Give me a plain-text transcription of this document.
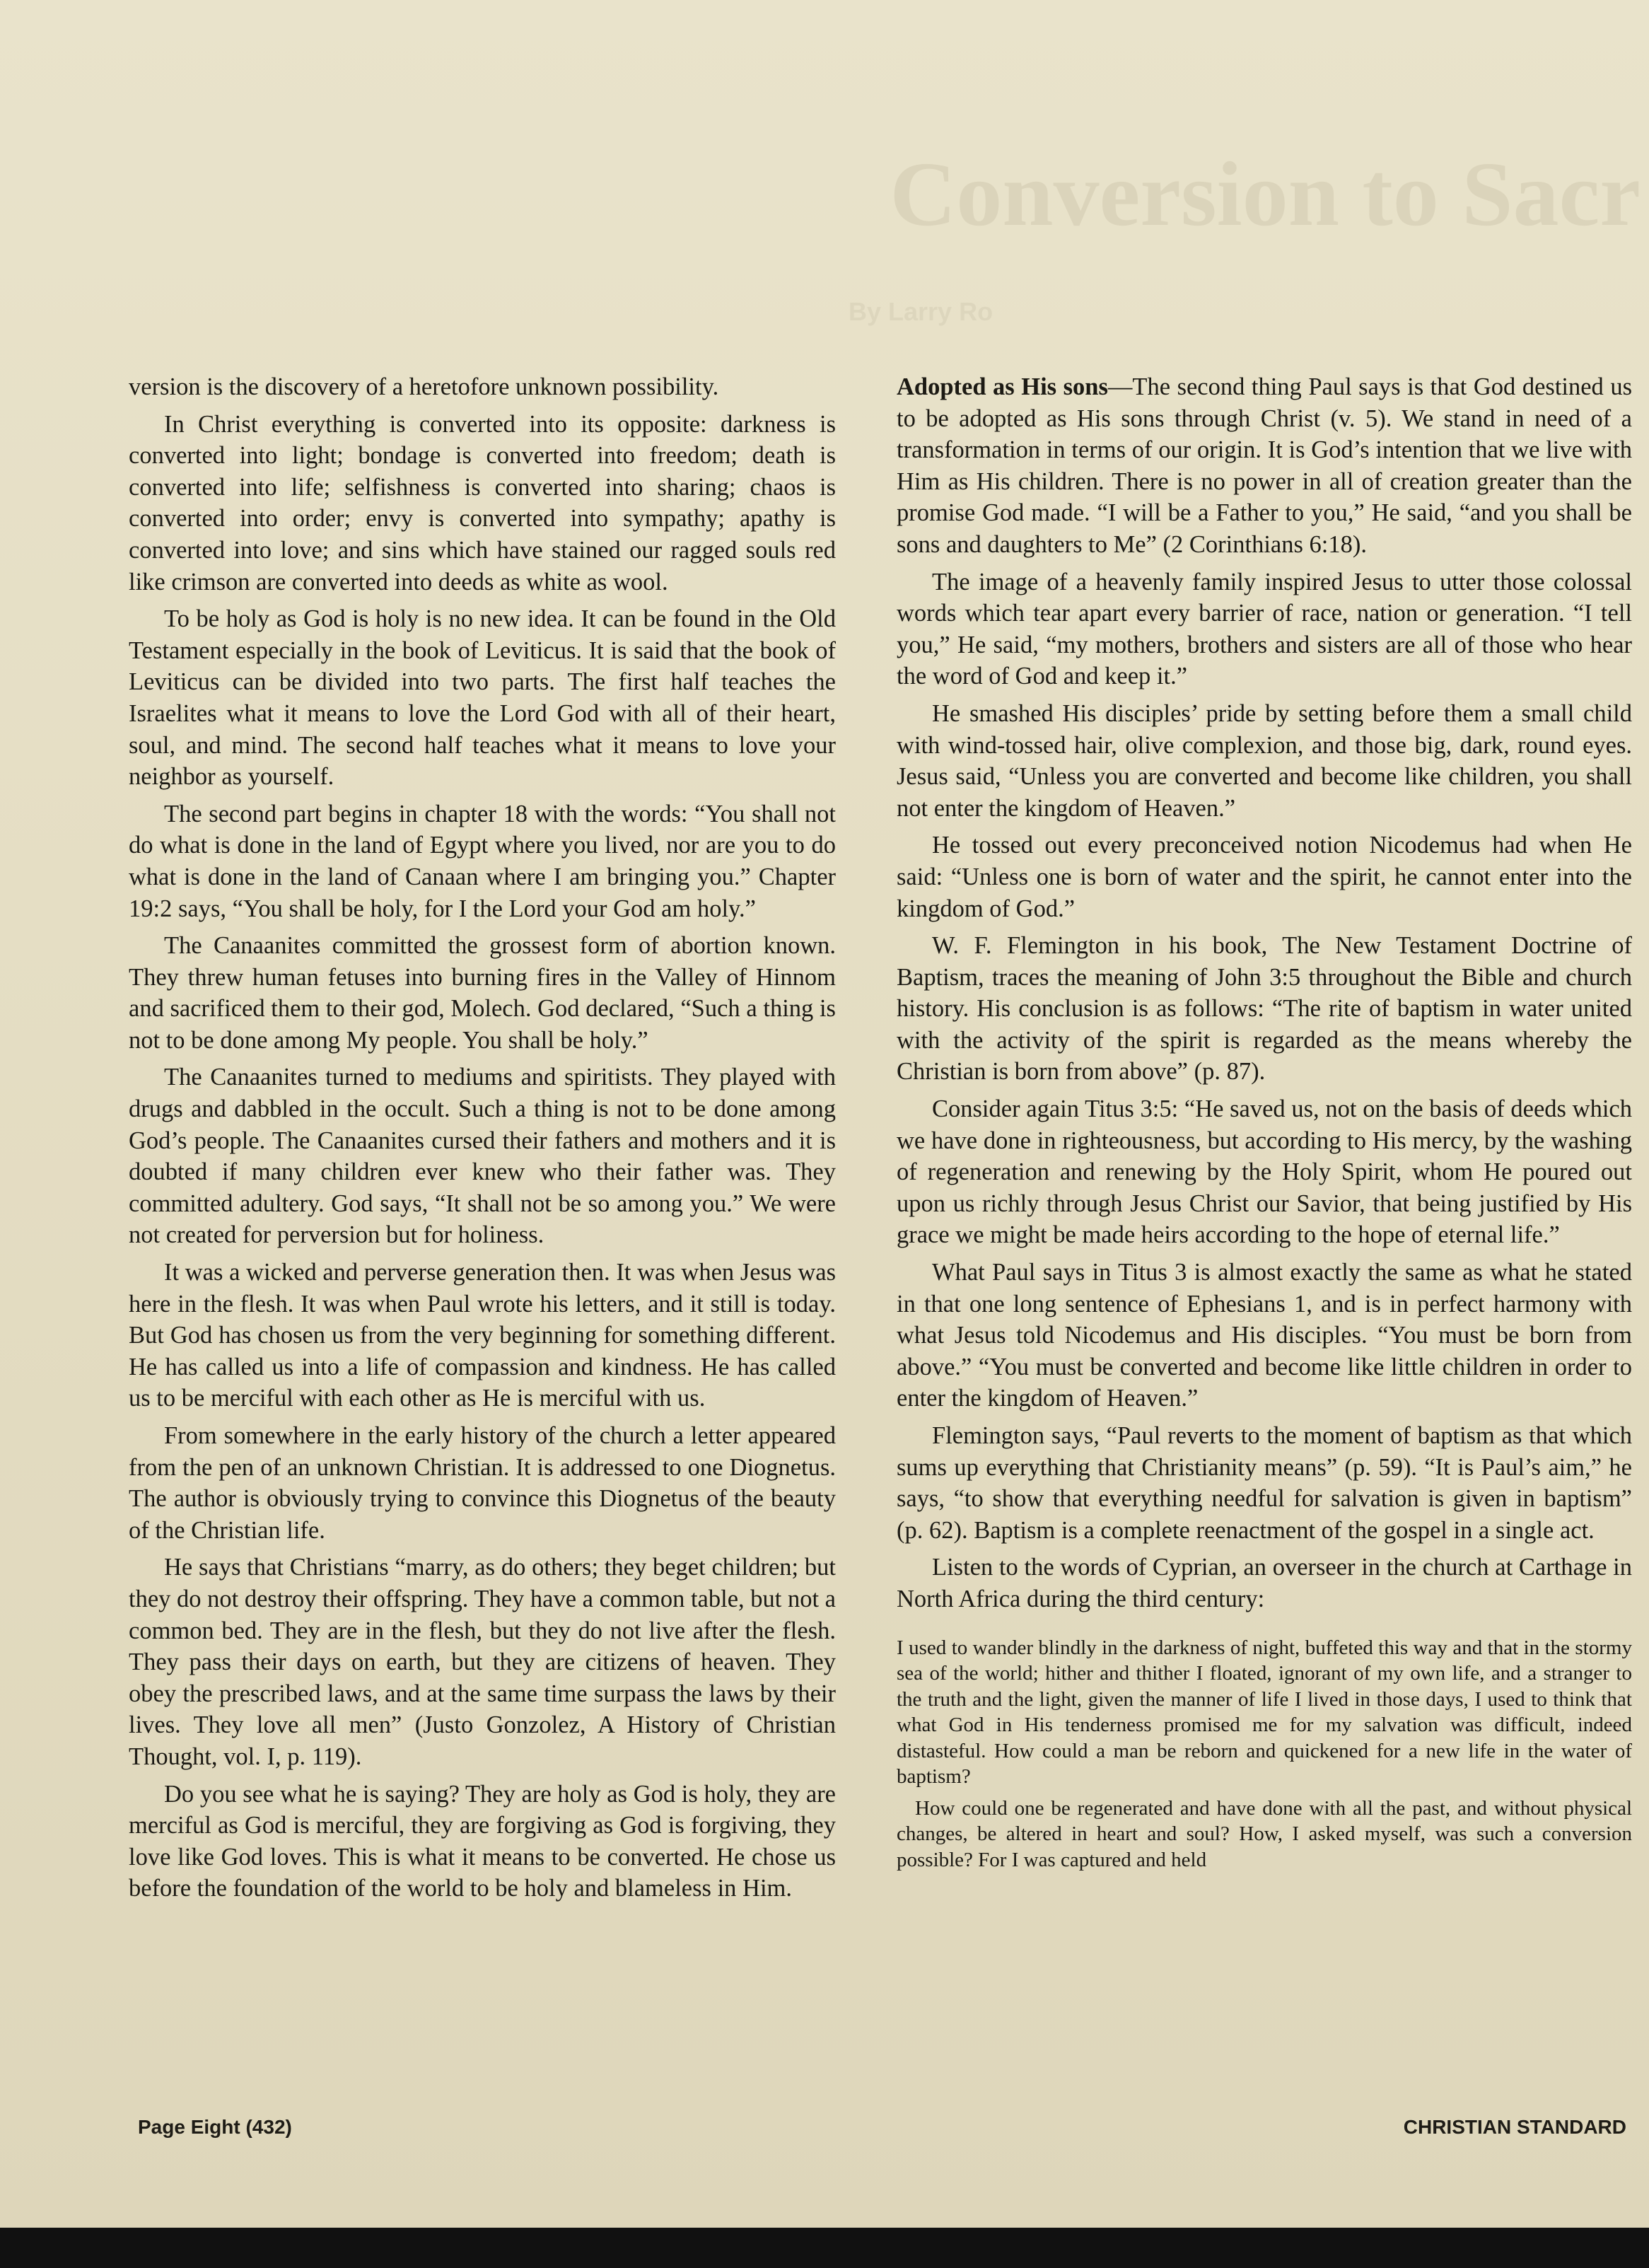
Conversion to Sacr
By Larry Ro

version is the discovery of a heretofore unknown possibility.

In Christ everything is converted into its opposite: darkness is converted into light; bondage is converted into freedom; death is converted into life; selfishness is converted into sharing; chaos is converted into order; envy is converted into sympathy; apathy is converted into love; and sins which have stained our ragged souls red like crimson are converted into deeds as white as wool.

To be holy as God is holy is no new idea. It can be found in the Old Testament especially in the book of Leviticus. It is said that the book of Leviticus can be divided into two parts. The first half teaches the Israelites what it means to love the Lord God with all of their heart, soul, and mind. The second half teaches what it means to love your neighbor as yourself.

The second part begins in chapter 18 with the words: “You shall not do what is done in the land of Egypt where you lived, nor are you to do what is done in the land of Canaan where I am bringing you.” Chapter 19:2 says, “You shall be holy, for I the Lord your God am holy.”

The Canaanites committed the grossest form of abortion known. They threw human fetuses into burning fires in the Valley of Hinnom and sacrificed them to their god, Molech. God declared, “Such a thing is not to be done among My people. You shall be holy.”

The Canaanites turned to mediums and spiritists. They played with drugs and dabbled in the occult. Such a thing is not to be done among God’s people. The Canaanites cursed their fathers and mothers and it is doubted if many children ever knew who their father was. They committed adultery. God says, “It shall not be so among you.” We were not created for perversion but for holiness.

It was a wicked and perverse generation then. It was when Jesus was here in the flesh. It was when Paul wrote his letters, and it still is today. But God has chosen us from the very beginning for something different. He has called us into a life of compassion and kindness. He has called us to be merciful with each other as He is merciful with us.

From somewhere in the early history of the church a letter appeared from the pen of an unknown Christian. It is addressed to one Diognetus. The author is obviously trying to convince this Diognetus of the beauty of the Christian life.

He says that Christians “marry, as do others; they beget children; but they do not destroy their offspring. They have a common table, but not a common bed. They are in the flesh, but they do not live after the flesh. They pass their days on earth, but they are citizens of heaven. They obey the prescribed laws, and at the same time surpass the laws by their lives. They love all men” (Justo Gonzolez, A History of Christian Thought, vol. I, p. 119).

Do you see what he is saying? They are holy as God is holy, they are merciful as God is merciful, they are forgiving as God is forgiving, they love like God loves. This is what it means to be converted. He chose us before the foundation of the world to be holy and blameless in Him.

Adopted as His sons—The second thing Paul says is that God destined us to be adopted as His sons through Christ (v. 5). We stand in need of a transformation in terms of our origin. It is God’s intention that we live with Him as His children. There is no power in all of creation greater than the promise God made. “I will be a Father to you,” He said, “and you shall be sons and daughters to Me” (2 Corinthians 6:18).

The image of a heavenly family inspired Jesus to utter those colossal words which tear apart every barrier of race, nation or generation. “I tell you,” He said, “my mothers, brothers and sisters are all of those who hear the word of God and keep it.”

He smashed His disciples’ pride by setting before them a small child with wind-tossed hair, olive complexion, and those big, dark, round eyes. Jesus said, “Unless you are converted and become like children, you shall not enter the kingdom of Heaven.”

He tossed out every preconceived notion Nicodemus had when He said: “Unless one is born of water and the spirit, he cannot enter into the kingdom of God.”

W. F. Flemington in his book, The New Testament Doctrine of Baptism, traces the meaning of John 3:5 throughout the Bible and church history. His conclusion is as follows: “The rite of baptism in water united with the activity of the spirit is regarded as the means whereby the Christian is born from above” (p. 87).

Consider again Titus 3:5: “He saved us, not on the basis of deeds which we have done in righteousness, but according to His mercy, by the washing of regeneration and renewing by the Holy Spirit, whom He poured out upon us richly through Jesus Christ our Savior, that being justified by His grace we might be made heirs according to the hope of eternal life.”

What Paul says in Titus 3 is almost exactly the same as what he stated in that one long sentence of Ephesians 1, and is in perfect harmony with what Jesus told Nicodemus and His disciples. “You must be born from above.” “You must be converted and become like little children in order to enter the kingdom of Heaven.”

Flemington says, “Paul reverts to the moment of baptism as that which sums up everything that Christianity means” (p. 59). “It is Paul’s aim,” he says, “to show that everything needful for salvation is given in baptism” (p. 62). Baptism is a complete reenactment of the gospel in a single act.

Listen to the words of Cyprian, an overseer in the church at Carthage in North Africa during the third century:

I used to wander blindly in the darkness of night, buffeted this way and that in the stormy sea of the world; hither and thither I floated, ignorant of my own life, and a stranger to the truth and the light, given the manner of life I lived in those days, I used to think that what God in His tenderness promised me for my salvation was difficult, indeed distasteful. How could a man be reborn and quickened for a new life in the water of baptism?

How could one be regenerated and have done with all the past, and without physical changes, be altered in heart and soul? How, I asked myself, was such a conversion possible? For I was captured and held

Page Eight (432)	CHRISTIAN STANDARD
